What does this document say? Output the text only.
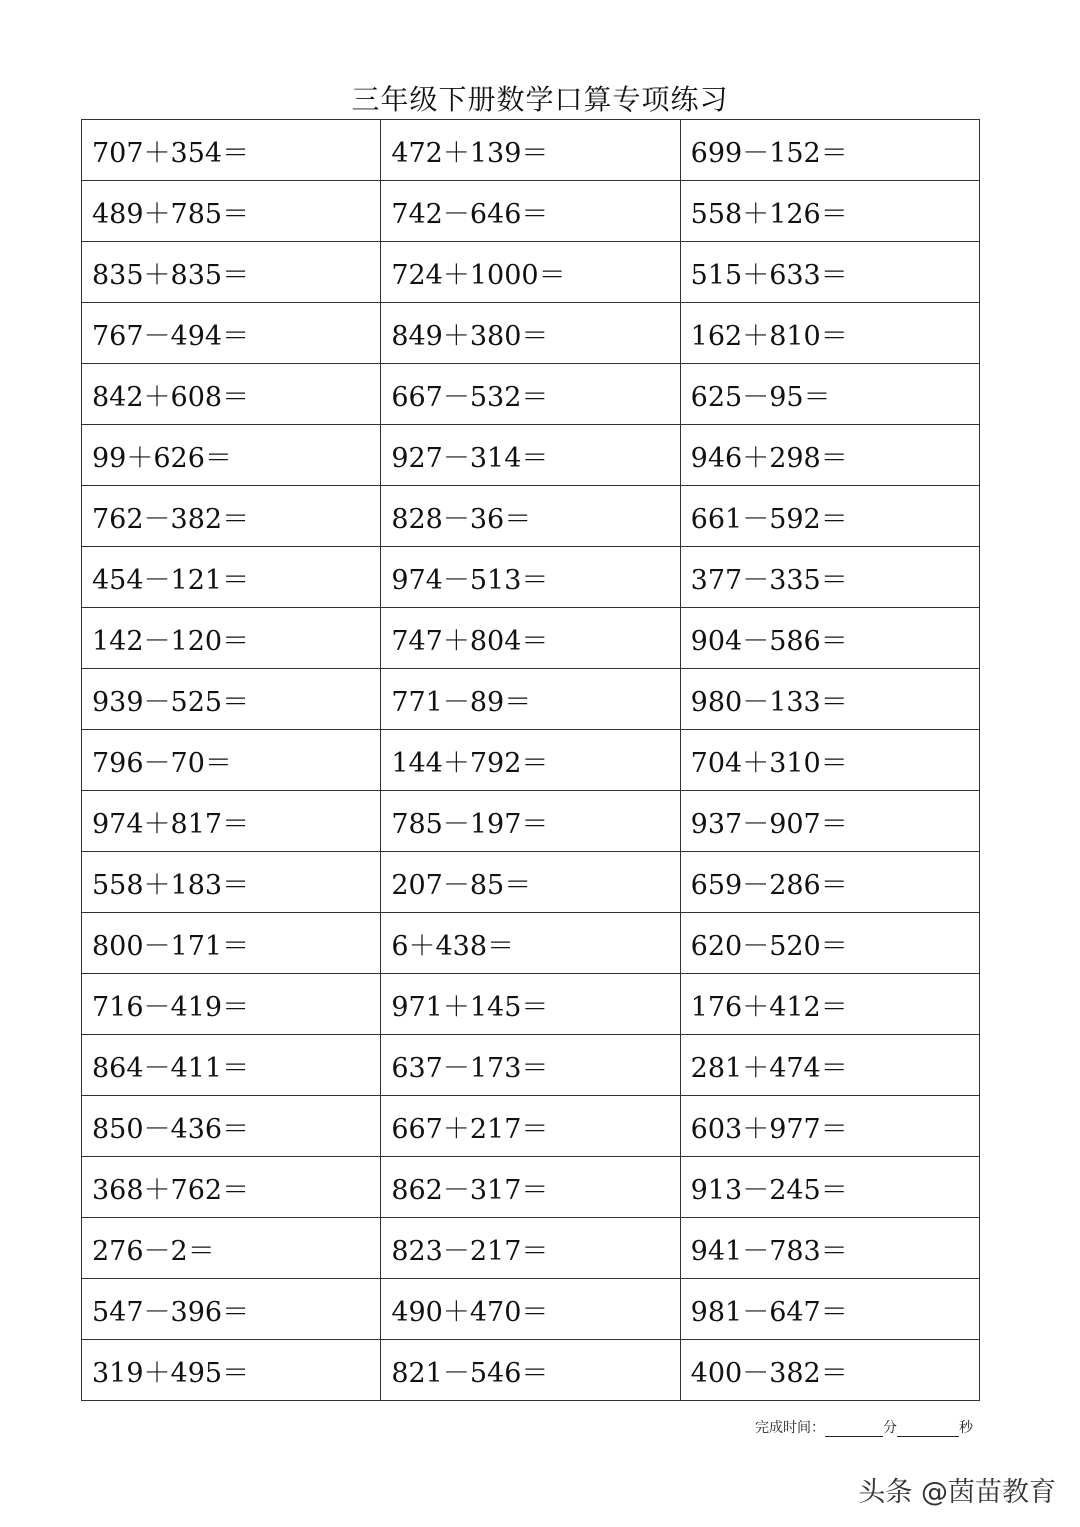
三年级下册数学口算专项练习
707＋354＝	472＋139＝	699－152＝
489＋785＝	742－646＝	558＋126＝
835＋835＝	724＋1000＝	515＋633＝
767－494＝	849＋380＝	162＋810＝
842＋608＝	667－532＝	625－95＝
99＋626＝	927－314＝	946＋298＝
762－382＝	828－36＝	661－592＝
454－121＝	974－513＝	377－335＝
142－120＝	747＋804＝	904－586＝
939－525＝	771－89＝	980－133＝
796－70＝	144＋792＝	704＋310＝
974＋817＝	785－197＝	937－907＝
558＋183＝	207－85＝	659－286＝
800－171＝	6＋438＝	620－520＝
716－419＝	971＋145＝	176＋412＝
864－411＝	637－173＝	281＋474＝
850－436＝	667＋217＝	603＋977＝
368＋762＝	862－317＝	913－245＝
276－2＝	823－217＝	941－783＝
547－396＝	490＋470＝	981－647＝
319＋495＝	821－546＝	400－382＝
完成时间：	分	秒
头条 @茵苗教育
